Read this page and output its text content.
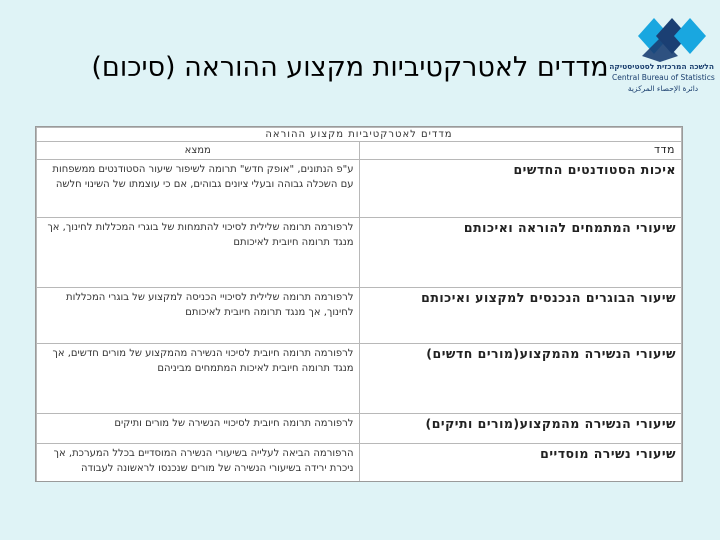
מדדים לאטרקטיביות מקצוע ההוראה (סיכום) הלשכה המרכזית לסטטיסטיקה
Central Bureau of Statistics
دائرة الإحصاء المركزية
מדדים לאטרקטיביות מקצוע ההוראה	
מדד	ממצא
איכות הסטודנטים החדשים	ע"פ הנתונים, "אופק חדש" תרומה לשיפור שיעור הסטודנטים ממשפחות עם השכלה גבוהה ובעלי ציונים גבוהים, אם כי עוצמתו של השינוי חלשה
שיעורי המתמחים להוראה ואיכותם	לרפורמה תרומה שלילית לסיכוי להתמחות של בוגרי המכללות לחינוך, אך מנגד תרומה חיובית לאיכותם
שיעור הבוגרים הנכנסים למקצוע ואיכותם	לרפורמה תרומה שלילית לסיכויי הכניסה למקצוע של בוגרי המכללות לחינוך, אך מנגד תרומה חיובית לאיכותם
שיעורי הנשירה מהמקצוע(מורים חדשים)	לרפורמה תרומה חיובית לסיכוי הנשירה מהמקצוע של מורים חדשים, אך מנגד תרומה חיובית לאיכות המתמחים מביניהם
שיעורי הנשירה מהמקצוע(מורים ותיקים)	לרפורמה תרומה חיובית לסיכויי הנשירה של מורים ותיקים
שיעורי נשירה מוסדיים	הרפורמה הביאה לעלייה בשיעורי הנשירה המוסדיים בכלל המערכת, אך ניכרת ירידה בשיעורי הנשירה של מורים שנכנסו לראשונה לעבודה
